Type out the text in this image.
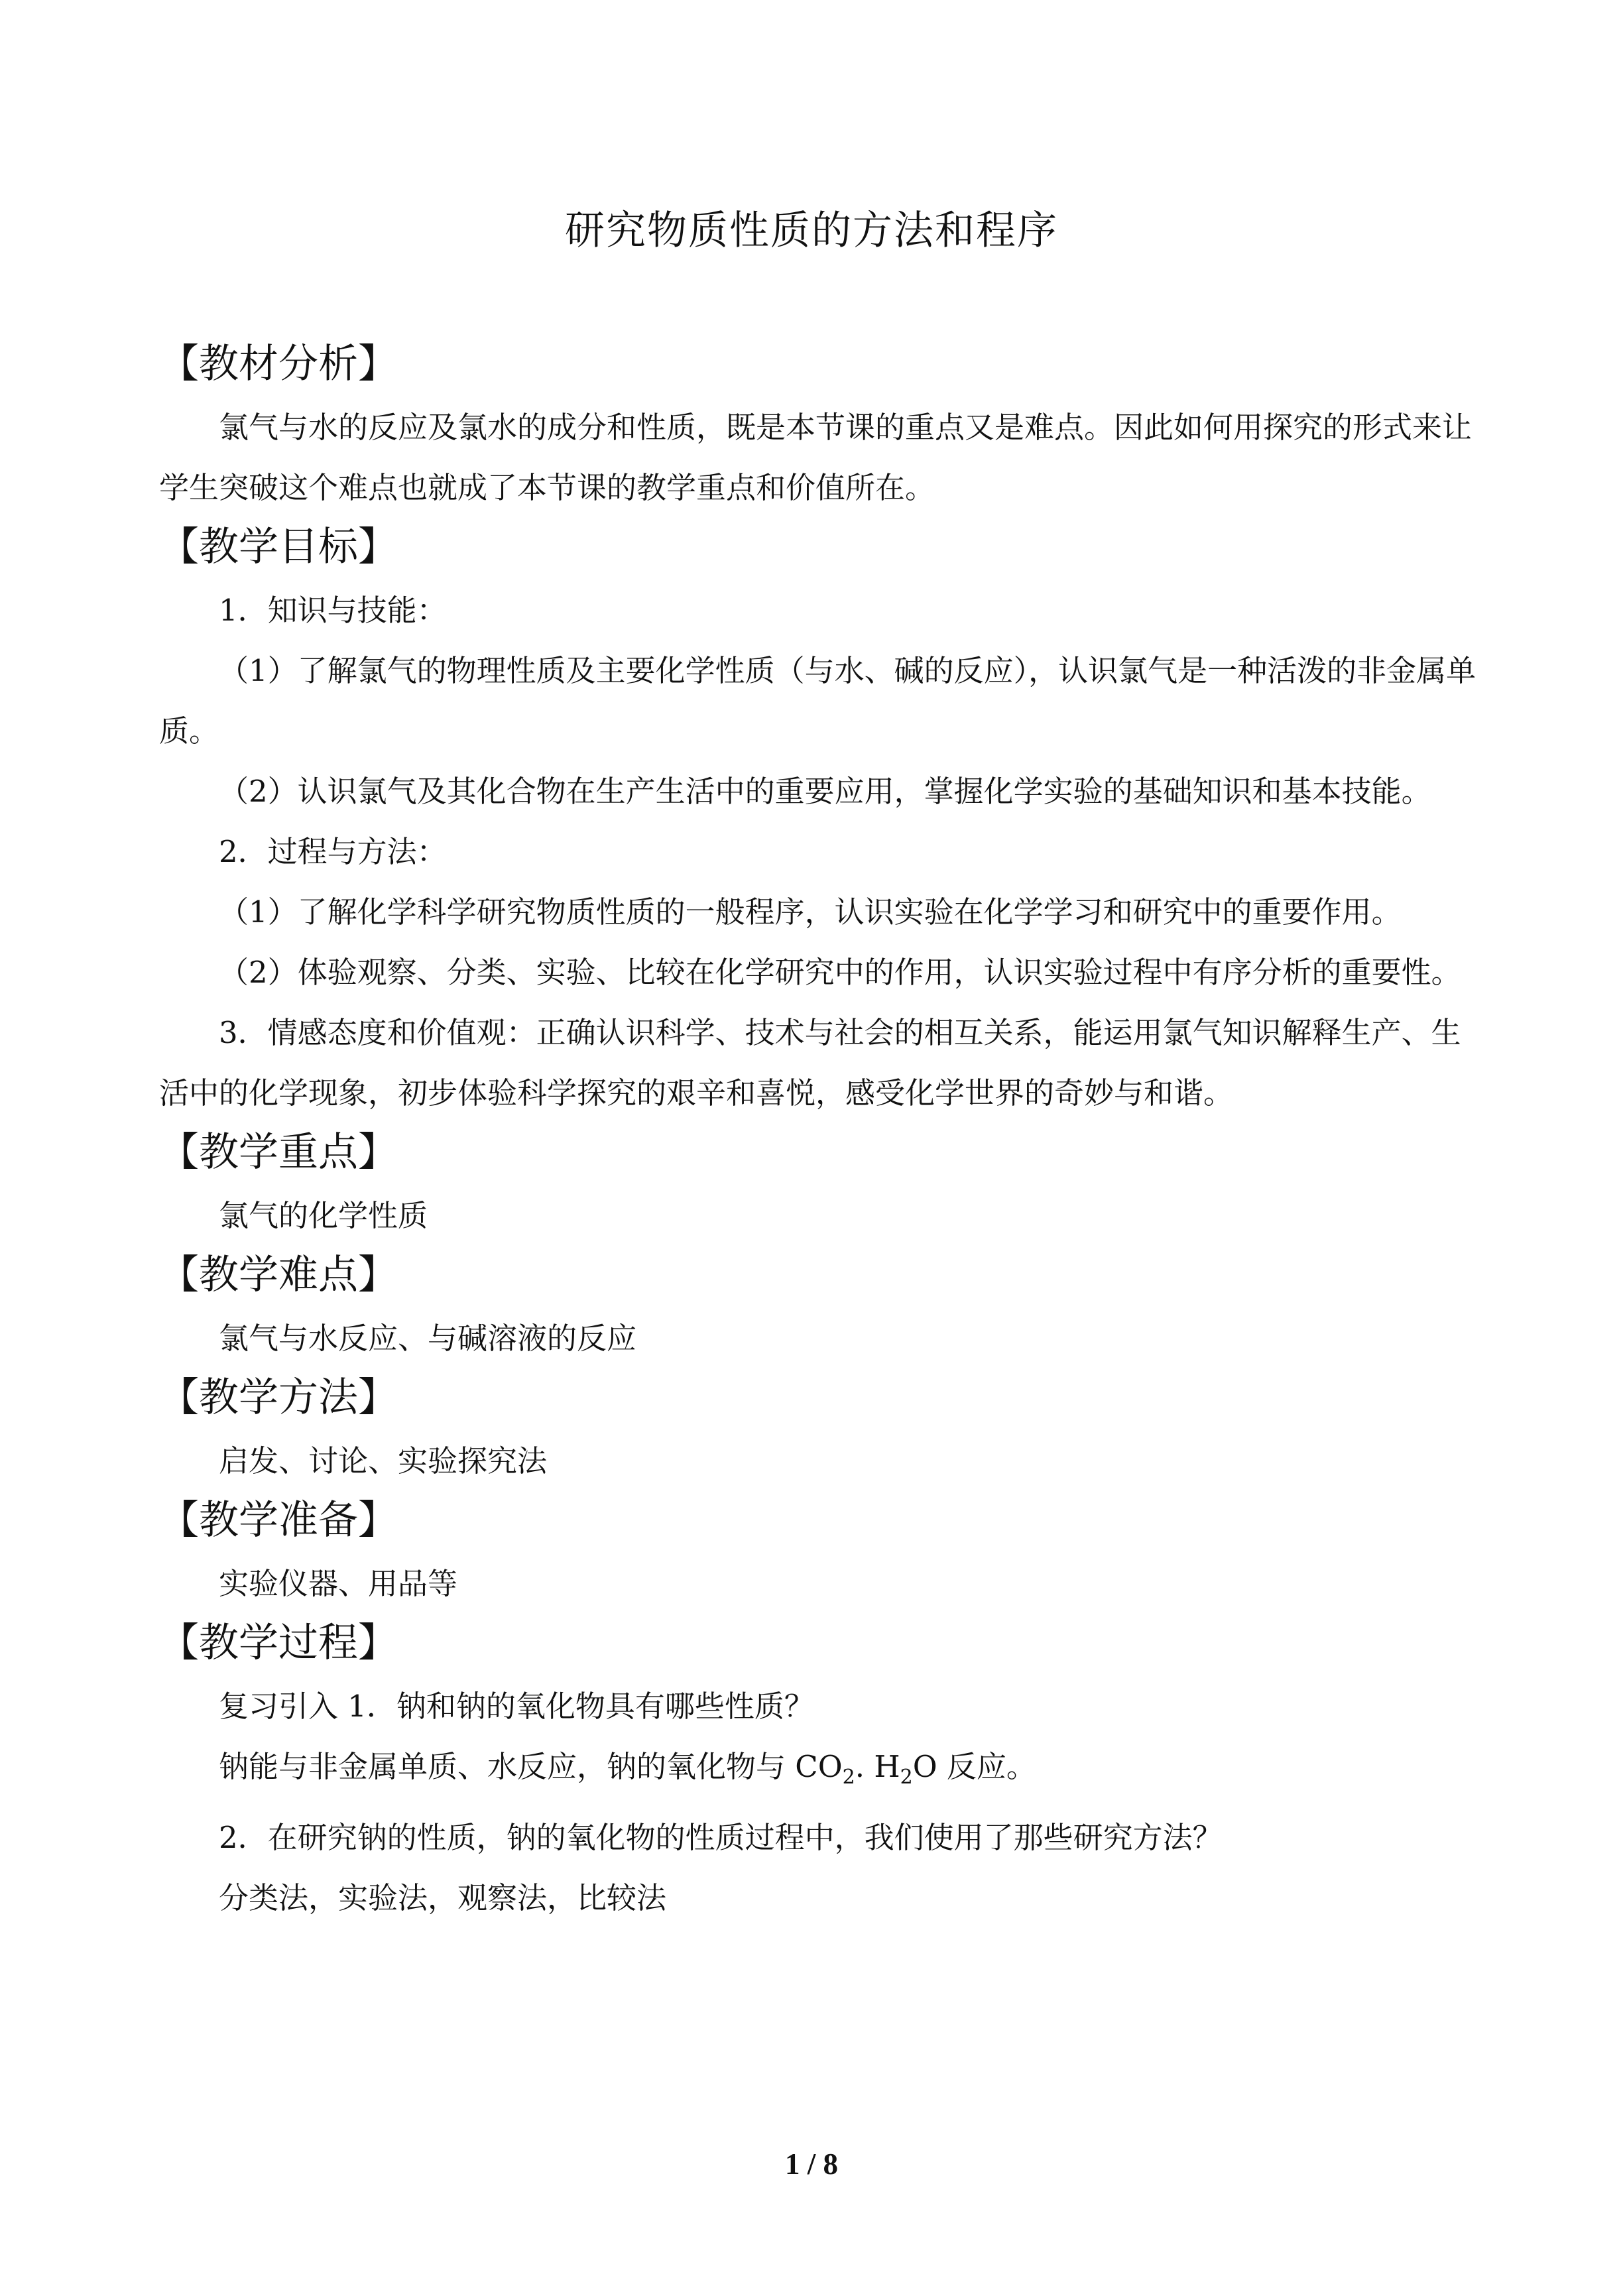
研究物质性质的方法和程序
【教材分析】

氯气与水的反应及氯水的成分和性质，既是本节课的重点又是难点。因此如何用探究的形式来让学生突破这个难点也就成了本节课的教学重点和价值所在。

【教学目标】

1．知识与技能：

（1）了解氯气的物理性质及主要化学性质（与水、碱的反应），认识氯气是一种活泼的非金属单质。

（2）认识氯气及其化合物在生产生活中的重要应用，掌握化学实验的基础知识和基本技能。

2．过程与方法：

（1）了解化学科学研究物质性质的一般程序，认识实验在化学学习和研究中的重要作用。

（2）体验观察、分类、实验、比较在化学研究中的作用，认识实验过程中有序分析的重要性。

3．情感态度和价值观：正确认识科学、技术与社会的相互关系，能运用氯气知识解释生产、生活中的化学现象，初步体验科学探究的艰辛和喜悦，感受化学世界的奇妙与和谐。

【教学重点】

氯气的化学性质

【教学难点】

氯气与水反应、与碱溶液的反应

【教学方法】

启发、讨论、实验探究法

【教学准备】

实验仪器、用品等

【教学过程】

复习引入 1．钠和钠的氧化物具有哪些性质？

钠能与非金属单质、水反应，钠的氧化物与 $CO_2$. $H_2O$ 反应。

2．在研究钠的性质，钠的氧化物的性质过程中，我们使用了那些研究方法？

分类法，实验法，观察法，比较法

1 / 8
